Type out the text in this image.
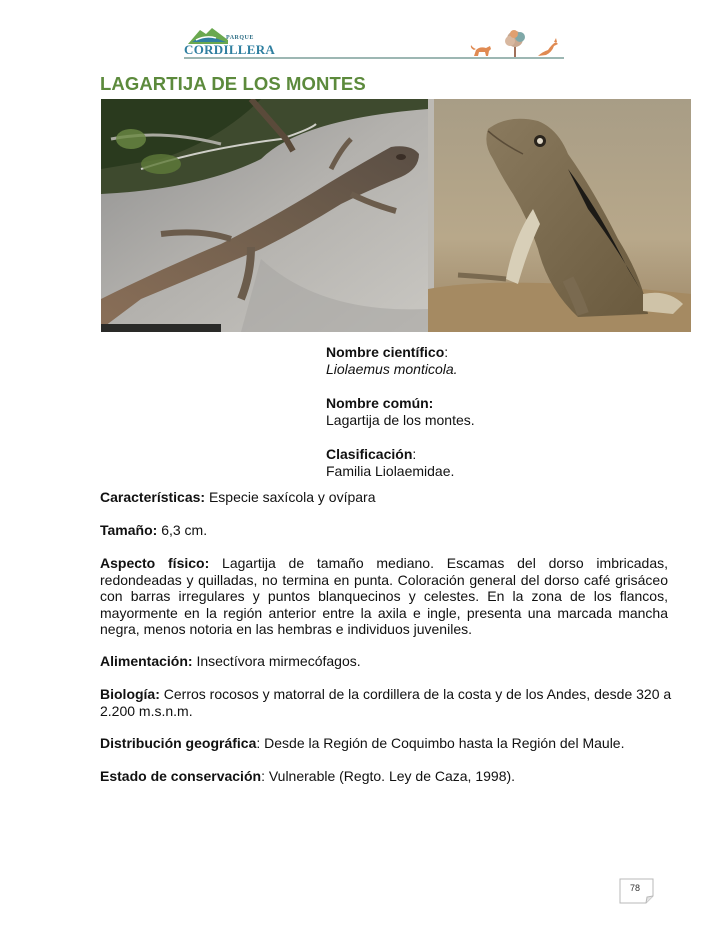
PARQUE
CORDILLERA
LAGARTIJA DE LOS MONTES
Nombre científico:
Liolaemus monticola.
Nombre común:
Lagartija de los montes.
Clasificación:
Familia Liolaemidae.

Características: Especie saxícola y ovípara

Tamaño: 6,3 cm.

Aspecto físico: Lagartija de tamaño mediano. Escamas del dorso imbricadas, redondeadas y quilladas, no termina en punta. Coloración general del dorso café grisáceo con barras irregulares y puntos blanquecinos y celestes. En la zona de los flancos, mayormente en la región anterior entre la axila e ingle, presenta una marcada mancha negra, menos notoria en las hembras e individuos juveniles.

Alimentación: Insectívora mirmecófagos.

Biología: Cerros rocosos y matorral de la cordillera de la costa y de los Andes, desde 320 a 2.200 m.s.n.m.

Distribución geográfica: Desde la Región de Coquimbo hasta la Región del Maule.

Estado de conservación: Vulnerable (Regto. Ley de Caza, 1998).

78
